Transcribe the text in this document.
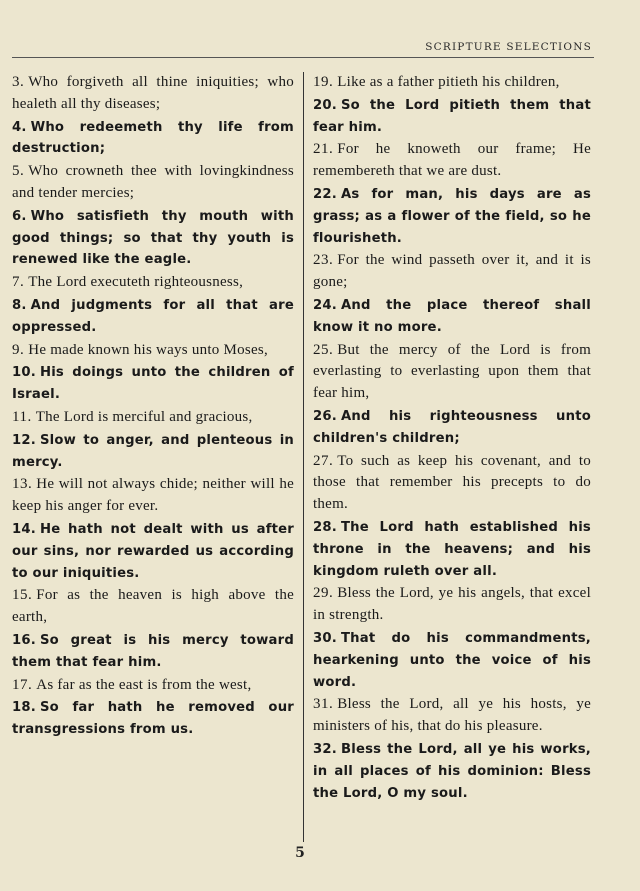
SCRIPTURE SELECTIONS
3. Who forgiveth all thine iniquities; who healeth all thy diseases;
4. Who redeemeth thy life from destruction;
5. Who crowneth thee with lovingkindness and tender mercies;
6. Who satisfieth thy mouth with good things; so that thy youth is renewed like the eagle.
7. The Lord executeth righteousness,
8. And judgments for all that are oppressed.
9. He made known his ways unto Moses,
10. His doings unto the children of Israel.
11. The Lord is merciful and gracious,
12. Slow to anger, and plenteous in mercy.
13. He will not always chide; neither will he keep his anger for ever.
14. He hath not dealt with us after our sins, nor rewarded us according to our iniquities.
15. For as the heaven is high above the earth,
16. So great is his mercy toward them that fear him.
17. As far as the east is from the west,
18. So far hath he removed our transgressions from us.
19. Like as a father pitieth his children,
20. So the Lord pitieth them that fear him.
21. For he knoweth our frame; He remembereth that we are dust.
22. As for man, his days are as grass; as a flower of the field, so he flourisheth.
23. For the wind passeth over it, and it is gone;
24. And the place thereof shall know it no more.
25. But the mercy of the Lord is from everlasting to everlasting upon them that fear him,
26. And his righteousness unto children's children;
27. To such as keep his covenant, and to those that remember his precepts to do them.
28. The Lord hath established his throne in the heavens; and his kingdom ruleth over all.
29. Bless the Lord, ye his angels, that excel in strength.
30. That do his commandments, hearkening unto the voice of his word.
31. Bless the Lord, all ye his hosts, ye ministers of his, that do his pleasure.
32. Bless the Lord, all ye his works, in all places of his dominion: Bless the Lord, O my soul.
5
